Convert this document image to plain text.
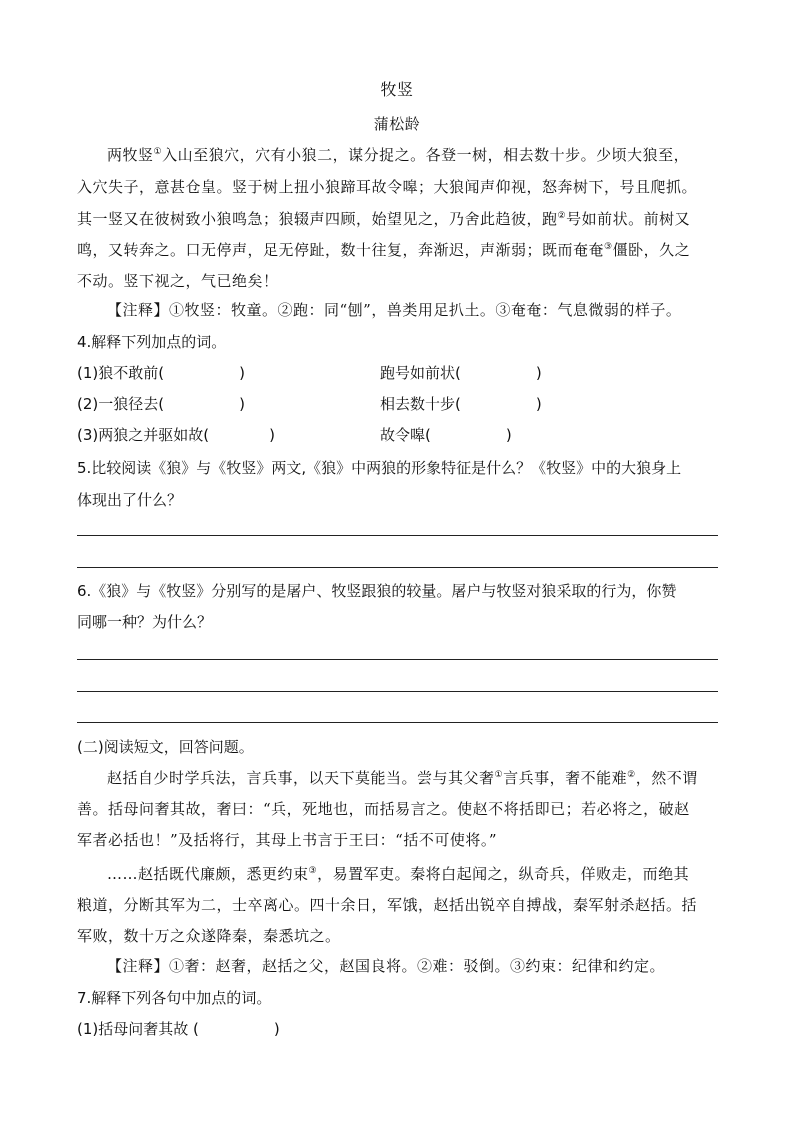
牧竖
蒲松龄
两牧竖①入山至狼穴，穴有小狼二，谋分捉之。各登一树，相去数十步。少顷大狼至，
入穴失子，意甚仓皇。竖于树上扭小狼蹄耳故令嗥；大狼闻声仰视，怒奔树下，号且爬抓。
其一竖又在彼树致小狼鸣急；狼辍声四顾，始望见之，乃舍此趋彼，跑②号如前状。前树又
鸣，又转奔之。口无停声，足无停趾，数十往复，奔渐迟，声渐弱；既而奄奄③僵卧，久之
不动。竖下视之，气已绝矣！
【注释】①牧竖：牧童。②跑：同“刨”，兽类用足扒土。③奄奄：气息微弱的样子。
4.解释下列加点的词。
(1)狼不敢前(　　　　　)	跑号如前状(　　　　　)
(2)一狼径去(　　　　　)	相去数十步(　　　　　)
(3)两狼之并驱如故(　　　　)	故令嗥(　　　　　)
5.比较阅读《狼》与《牧竖》两文,《狼》中两狼的形象特征是什么？《牧竖》中的大狼身上
体现出了什么？
6.《狼》与《牧竖》分别写的是屠户、牧竖跟狼的较量。屠户与牧竖对狼采取的行为，你赞
同哪一种？为什么？
(二)阅读短文，回答问题。
赵括自少时学兵法，言兵事，以天下莫能当。尝与其父奢①言兵事，奢不能难②，然不谓
善。括母问奢其故，奢曰：“兵，死地也，而括易言之。使赵不将括即已；若必将之，破赵
军者必括也！”及括将行，其母上书言于王曰：“括不可使将。”
……赵括既代廉颇，悉更约束③，易置军吏。秦将白起闻之，纵奇兵，佯败走，而绝其
粮道，分断其军为二，士卒离心。四十余日，军饿，赵括出锐卒自搏战，秦军射杀赵括。括
军败，数十万之众遂降秦，秦悉坑之。
【注释】①奢：赵奢，赵括之父，赵国良将。②难：驳倒。③约束：纪律和约定。
7.解释下列各句中加点的词。
(1)括母问奢其故 (　　　　　)
